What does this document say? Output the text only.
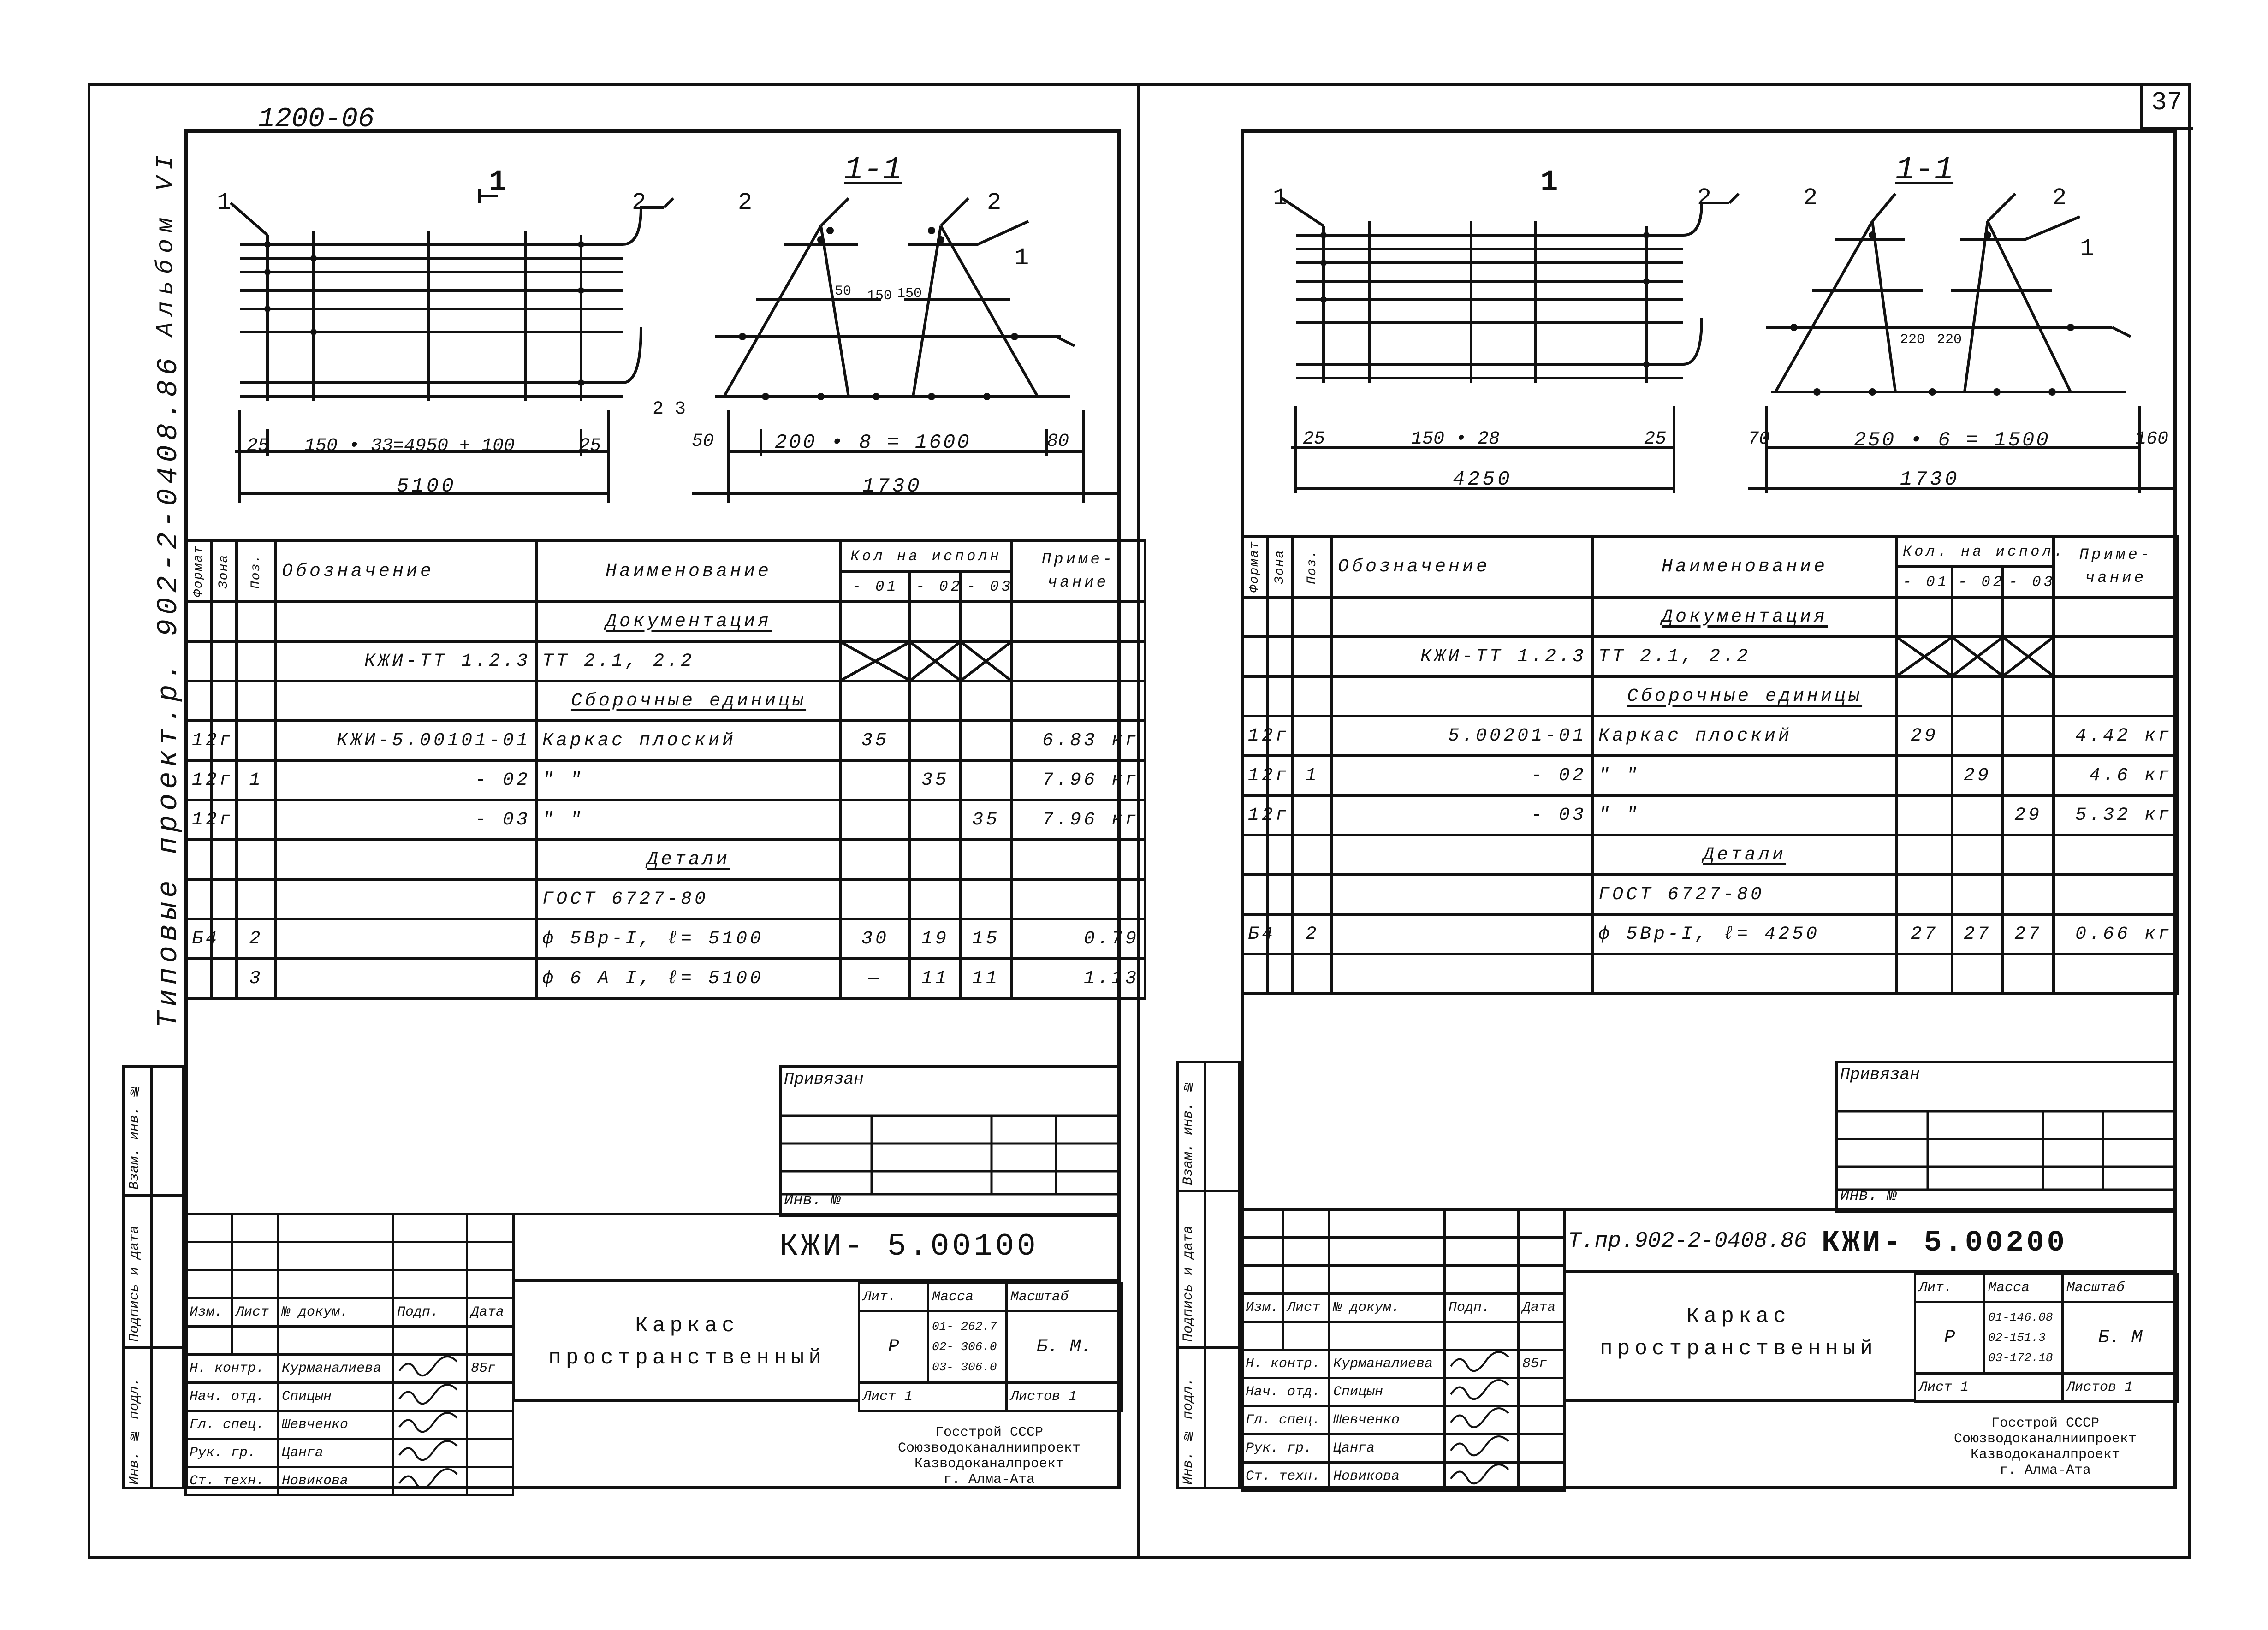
37
1200-06
Альбом VI
Типовые проект.р. 902-2-0408.86
1	2
1	1-1
2	2
1
50 150 150
25 150 • 33=4950 + 100	25
5100
2 3
50	200 • 8 = 1600	80
1730
Формат	Зона	Поз.	Обозначение	Наименование	Кол на исполн			Приме-чание
					- 01	- 02	- 03	
				Документация				
			КЖИ-ТТ 1.2.3	ТТ 2.1, 2.2				
				Сборочные единицы				
12г			КЖИ-5.00101-01	Каркас плоский	35			6.83 кг
12г		1	- 02	" "		35		7.96 кг
12г			- 03	" "			35	7.96 кг
				Детали				
				ГОСТ 6727-80				
Б4		2		ф 5Вр-I, ℓ= 5100	30	19	15	0.79
		3		ф 6 А I, ℓ= 5100	—	11	11	1.13
Привязан
Инв. №

Изм.	Лист	№ докум.	Подп.	Дата

Н. контр.		Курманалиева		85г
Нач. отд.		Спицын		
Гл. спец.		Шевченко		
Рук. гр.		Цанга		
Ст. техн.		Новикова		
КЖИ- 5.00100
Каркас пространственный
Лит.	Масса	Масштаб
Р	01- 262.7
02- 306.0
03- 306.0	Б. М.
Лист 1		Листов 1
Госстрой СССР
Союзводоканалниипроект
Казводоканалпроект
г. Алма-Ата
Взам. инв. №
Подпись и дата
Инв. № подл.
1	2
1	1-1
2	2
1
220 220
25	150 • 28	25
4250
70	250 • 6 = 1500	160
1730
Формат	Зона	Поз.	Обозначение	Наименование	Кол. на испол.			Приме-чание
					- 01	- 02	- 03	
				Документация				
			КЖИ-ТТ 1.2.3	ТТ 2.1, 2.2				
				Сборочные единицы				
12г			5.00201-01	Каркас плоский	29			4.42 кг
12г		1	- 02	" "		29		4.6 кг
12г			- 03	" "			29	5.32 кг
				Детали				
				ГОСТ 6727-80				
Б4		2		ф 5Вр-I, ℓ= 4250	27	27	27	0.66 кг

Привязан
Инв. №

Изм.	Лист	№ докум.	Подп.	Дата

Н. контр.		Курманалиева		85г
Нач. отд.		Спицын		
Гл. спец.		Шевченко		
Рук. гр.		Цанга		
Ст. техн.		Новикова		
Т.пр.902-2-0408.86 КЖИ- 5.00200
Каркас пространственный
Лит.	Масса	Масштаб
Р	01-146.08
02-151.3
03-172.18	Б. М
Лист 1		Листов 1
Госстрой СССР
Союзводоканалниипроект
Казводоканалпроект
г. Алма-Ата
Взам. инв. №
Подпись и дата
Инв. № подл.
